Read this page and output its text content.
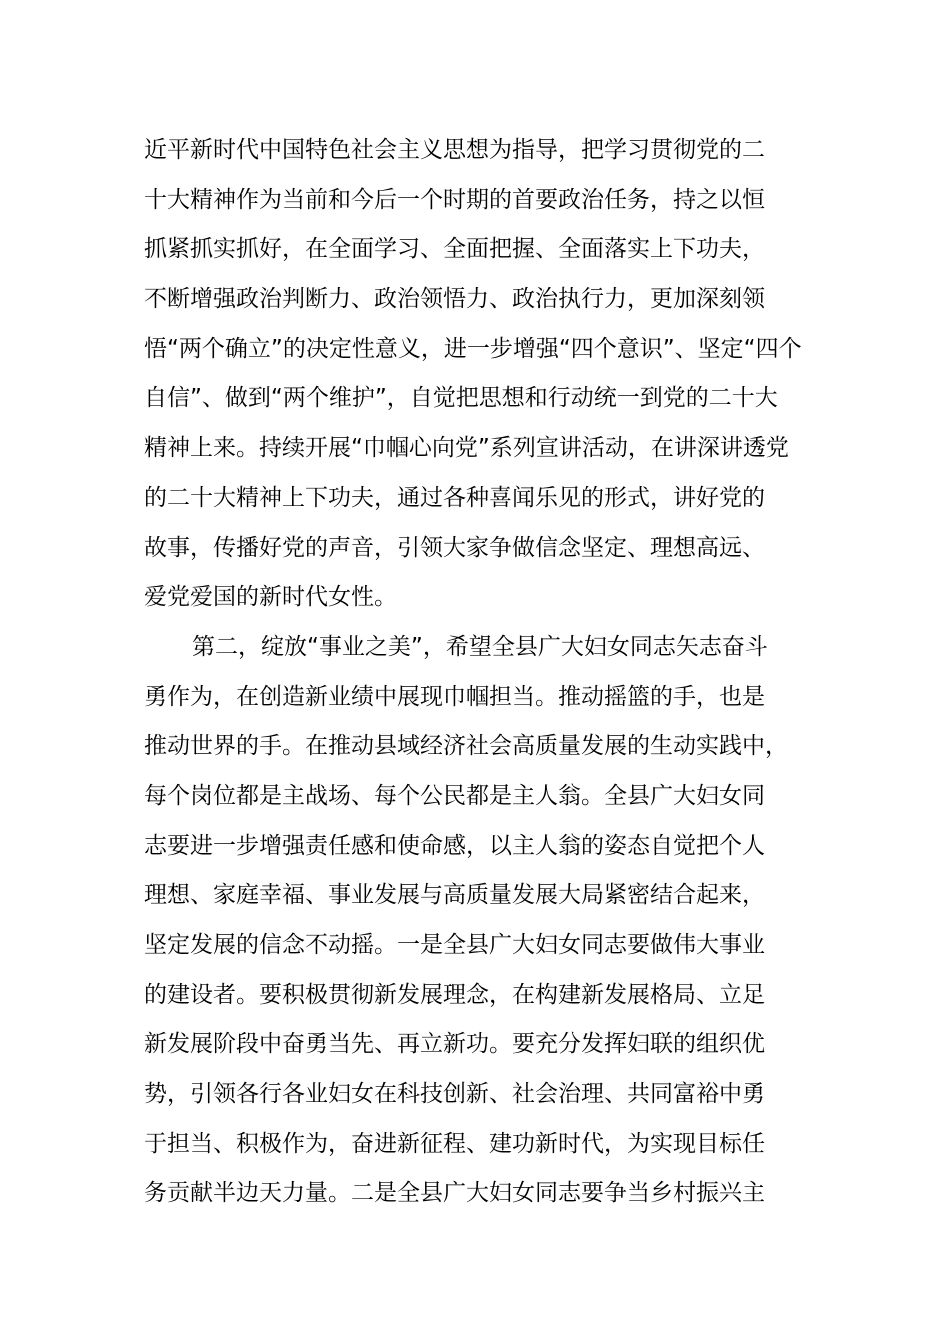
近平新时代中国特色社会主义思想为指导，把学习贯彻党的二
十大精神作为当前和今后一个时期的首要政治任务，持之以恒
抓紧抓实抓好，在全面学习、全面把握、全面落实上下功夫，
不断增强政治判断力、政治领悟力、政治执行力，更加深刻领
悟“两个确立”的决定性意义，进一步增强“四个意识”、坚定“四个
自信”、做到“两个维护”，自觉把思想和行动统一到党的二十大
精神上来。持续开展“巾帼心向党”系列宣讲活动，在讲深讲透党
的二十大精神上下功夫，通过各种喜闻乐见的形式，讲好党的
故事，传播好党的声音，引领大家争做信念坚定、理想高远、
爱党爱国的新时代女性。
第二，绽放“事业之美”，希望全县广大妇女同志矢志奋斗
勇作为，在创造新业绩中展现巾帼担当。推动摇篮的手，也是
推动世界的手。在推动县域经济社会高质量发展的生动实践中，
每个岗位都是主战场、每个公民都是主人翁。全县广大妇女同
志要进一步增强责任感和使命感，以主人翁的姿态自觉把个人
理想、家庭幸福、事业发展与高质量发展大局紧密结合起来，
坚定发展的信念不动摇。一是全县广大妇女同志要做伟大事业
的建设者。要积极贯彻新发展理念，在构建新发展格局、立足
新发展阶段中奋勇当先、再立新功。要充分发挥妇联的组织优
势，引领各行各业妇女在科技创新、社会治理、共同富裕中勇
于担当、积极作为，奋进新征程、建功新时代，为实现目标任
务贡献半边天力量。二是全县广大妇女同志要争当乡村振兴主
